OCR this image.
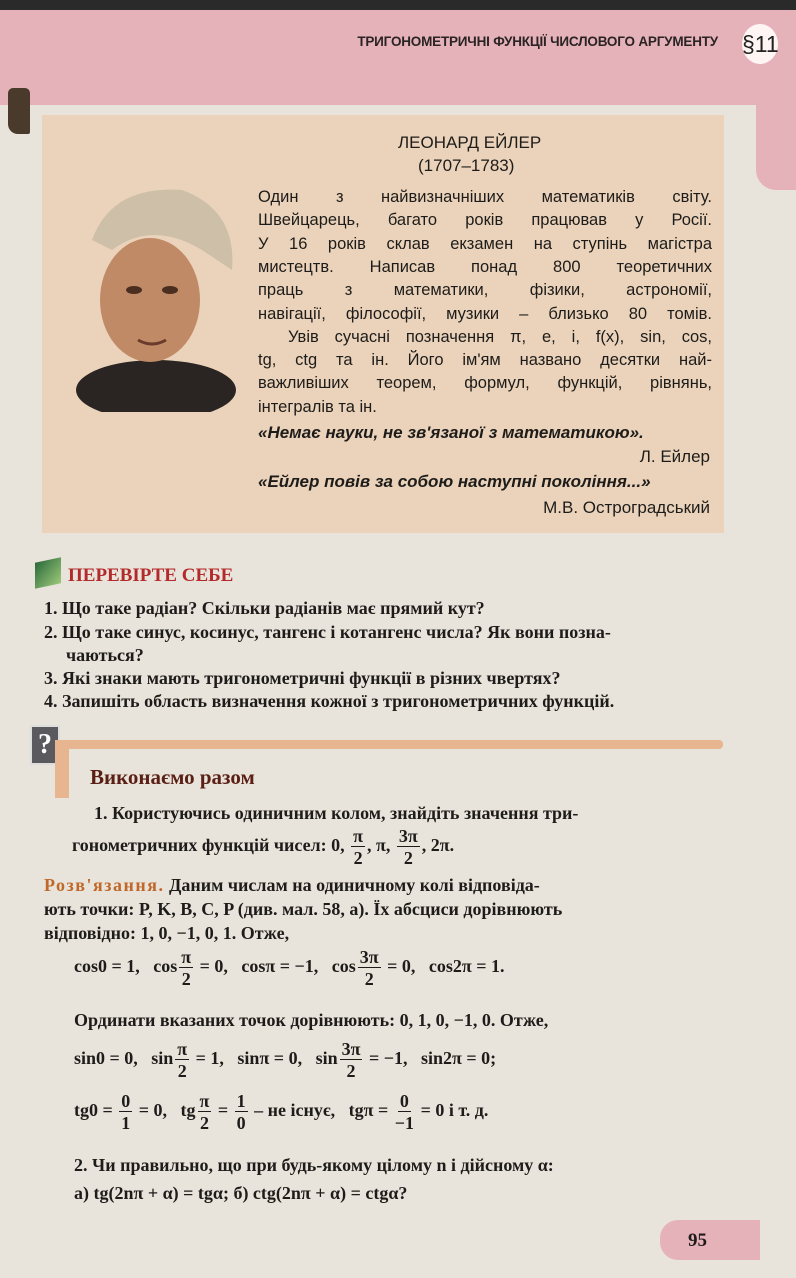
ТРИГОНОМЕТРИЧНІ ФУНКЦІЇ ЧИСЛОВОГО АРГУМЕНТУ §11
ЛЕОНАРД ЕЙЛЕР
(1707–1783)
Один з найвизначніших математиків світу.
Швейцарець, багато років працював у Росії.
У 16 років склав екзамен на ступінь магістра
мистецтв. Написав понад 800 теоретичних
праць з математики, фізики, астрономії,
навігації, філософії, музики – близько 80 томів.
Увів сучасні позначення π, e, i, f(x), sin, cos,
tg, ctg та ін. Його ім'ям названо десятки най-
важливіших теорем, формул, функцій, рівнянь,
інтегралів та ін.
«Немає науки, не зв'язаної з математикою».
Л. Ейлер
«Ейлер повів за собою наступні покоління...»
М.В. Остроградський
ПЕРЕВІРТЕ СЕБЕ
1. Що таке радіан? Скільки радіанів має прямий кут?
2. Що таке синус, косинус, тангенс і котангенс числа? Як вони позна-
чаються?
3. Які знаки мають тригонометричні функції в різних чвертях?
4. Запишіть область визначення кожної з тригонометричних функцій.
?
Виконаємо разом
1. Користуючись одиничним колом, знайдіть значення три-
гонометричних функцій чисел: 0, $\frac{\pi}{2}$ , π, $\frac{3\pi}{2}$ , 2π.
Розв'язання. Даним числам на одиничному колі відповіда-
ють точки: P, K, B, C, P (див. мал. 58, а). Їх абсциси дорівнюють
відповідно: 1, 0, −1, 0, 1. Отже,
cos0 = 1,   $\cos \frac{\pi}{2} = 0$,   cosπ = −1,   $\cos \frac{3\pi}{2} = 0$,   cos2π = 1.
Ординати вказаних точок дорівнюють: 0, 1, 0, −1, 0. Отже,
sin0 = 0,   $\sin \frac{\pi}{2} = 1$,   sinπ = 0,   $\sin \frac{3\pi}{2} = -1$,   sin2π = 0;
$tg0 = \frac{0}{1} = 0$,   tg $\frac{\pi}{2} = \frac{1}{0}$ – не існує,   $tg\pi = \frac{0}{-1} = 0$ і т. д.
2. Чи правильно, що при будь-якому цілому n і дійсному α:
а) tg(2nπ + α) = tgα; б) ctg(2nπ + α) = ctgα?
95
